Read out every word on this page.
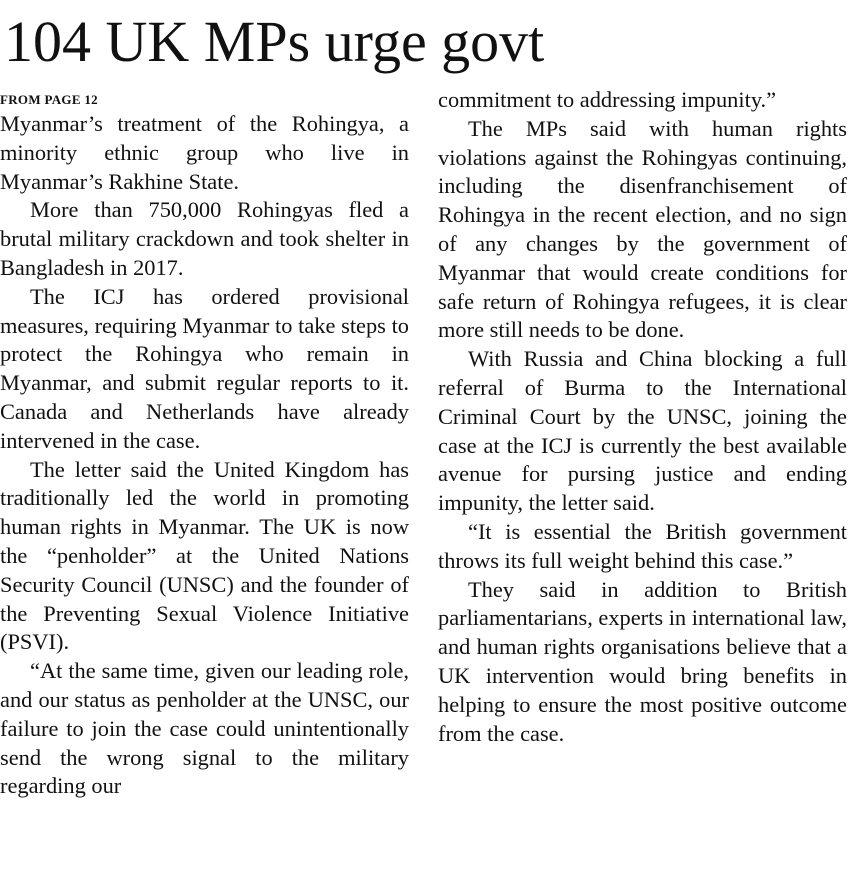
104 UK MPs urge govt
FROM PAGE 12

Myanmar’s treatment of the Rohingya, a minority ethnic group who live in Myanmar’s Rakhine State.

More than 750,000 Rohingyas fled a brutal military crackdown and took shelter in Bangladesh in 2017.

The ICJ has ordered provisional measures, requiring Myanmar to take steps to protect the Rohingya who remain in Myanmar, and submit regular reports to it. Canada and Netherlands have already intervened in the case.

The letter said the United Kingdom has traditionally led the world in promoting human rights in Myanmar. The UK is now the “penholder” at the United Nations Security Council (UNSC) and the founder of the Preventing Sexual Violence Initiative (PSVI).

“At the same time, given our leading role, and our status as penholder at the UNSC, our failure to join the case could unintentionally send the wrong signal to the military regarding our

commitment to addressing impunity.”

The MPs said with human rights violations against the Rohingyas continuing, including the disenfranchisement of Rohingya in the recent election, and no sign of any changes by the government of Myanmar that would create conditions for safe return of Rohingya refugees, it is clear more still needs to be done.

With Russia and China blocking a full referral of Burma to the International Criminal Court by the UNSC, joining the case at the ICJ is currently the best available avenue for pursing justice and ending impunity, the letter said.

“It is essential the British government throws its full weight behind this case.”

They said in addition to British parliamentarians, experts in international law, and human rights organisations believe that a UK intervention would bring benefits in helping to ensure the most positive outcome from the case.
